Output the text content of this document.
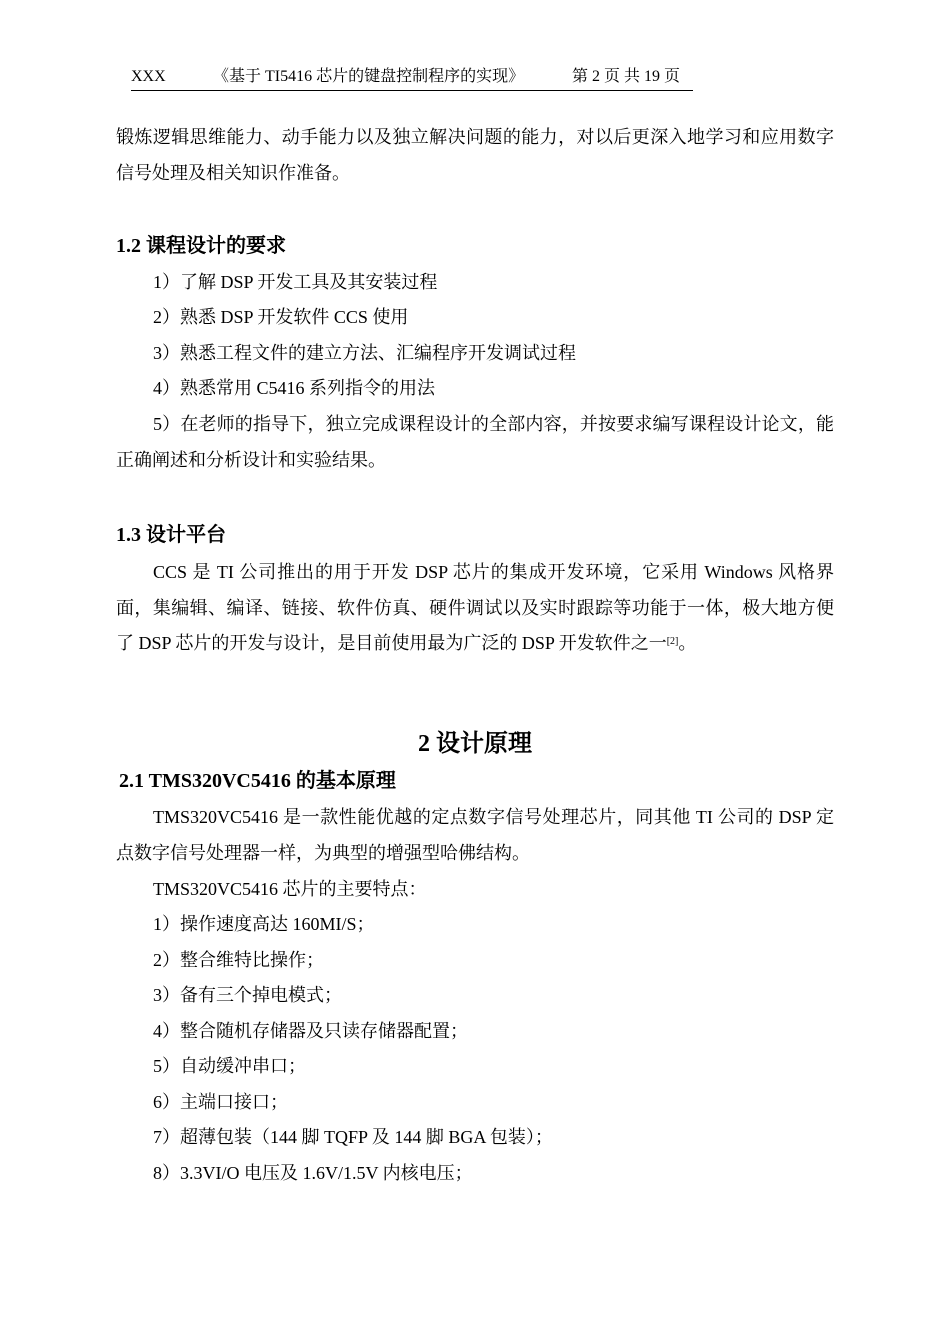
XXX	《基于 TI5416 芯片的键盘控制程序的实现》	第 2 页 共 19 页
锻炼逻辑思维能力、动手能力以及独立解决问题的能力，对以后更深入地学习和应用数字信号处理及相关知识作准备。
1.2 课程设计的要求
1）了解 DSP 开发工具及其安装过程
2）熟悉 DSP 开发软件 CCS 使用
3）熟悉工程文件的建立方法、汇编程序开发调试过程
4）熟悉常用 C5416 系列指令的用法
5）在老师的指导下，独立完成课程设计的全部内容，并按要求编写课程设计论文，能正确阐述和分析设计和实验结果。
1.3 设计平台
CCS 是 TI 公司推出的用于开发 DSP 芯片的集成开发环境，它采用 Windows 风格界面，集编辑、编译、链接、软件仿真、硬件调试以及实时跟踪等功能于一体，极大地方便了 DSP 芯片的开发与设计，是目前使用最为广泛的 DSP 开发软件之一[2]。
2 设计原理
2.1 TMS320VC5416 的基本原理
TMS320VC5416 是一款性能优越的定点数字信号处理芯片，同其他 TI 公司的 DSP 定点数字信号处理器一样，为典型的增强型哈佛结构。
TMS320VC5416 芯片的主要特点：
1）操作速度高达 160MI/S；
2）整合维特比操作；
3）备有三个掉电模式；
4）整合随机存储器及只读存储器配置；
5）自动缓冲串口；
6）主端口接口；
7）超薄包装（144 脚 TQFP 及 144 脚 BGA 包装）；
8）3.3VI/O 电压及 1.6V/1.5V 内核电压；
